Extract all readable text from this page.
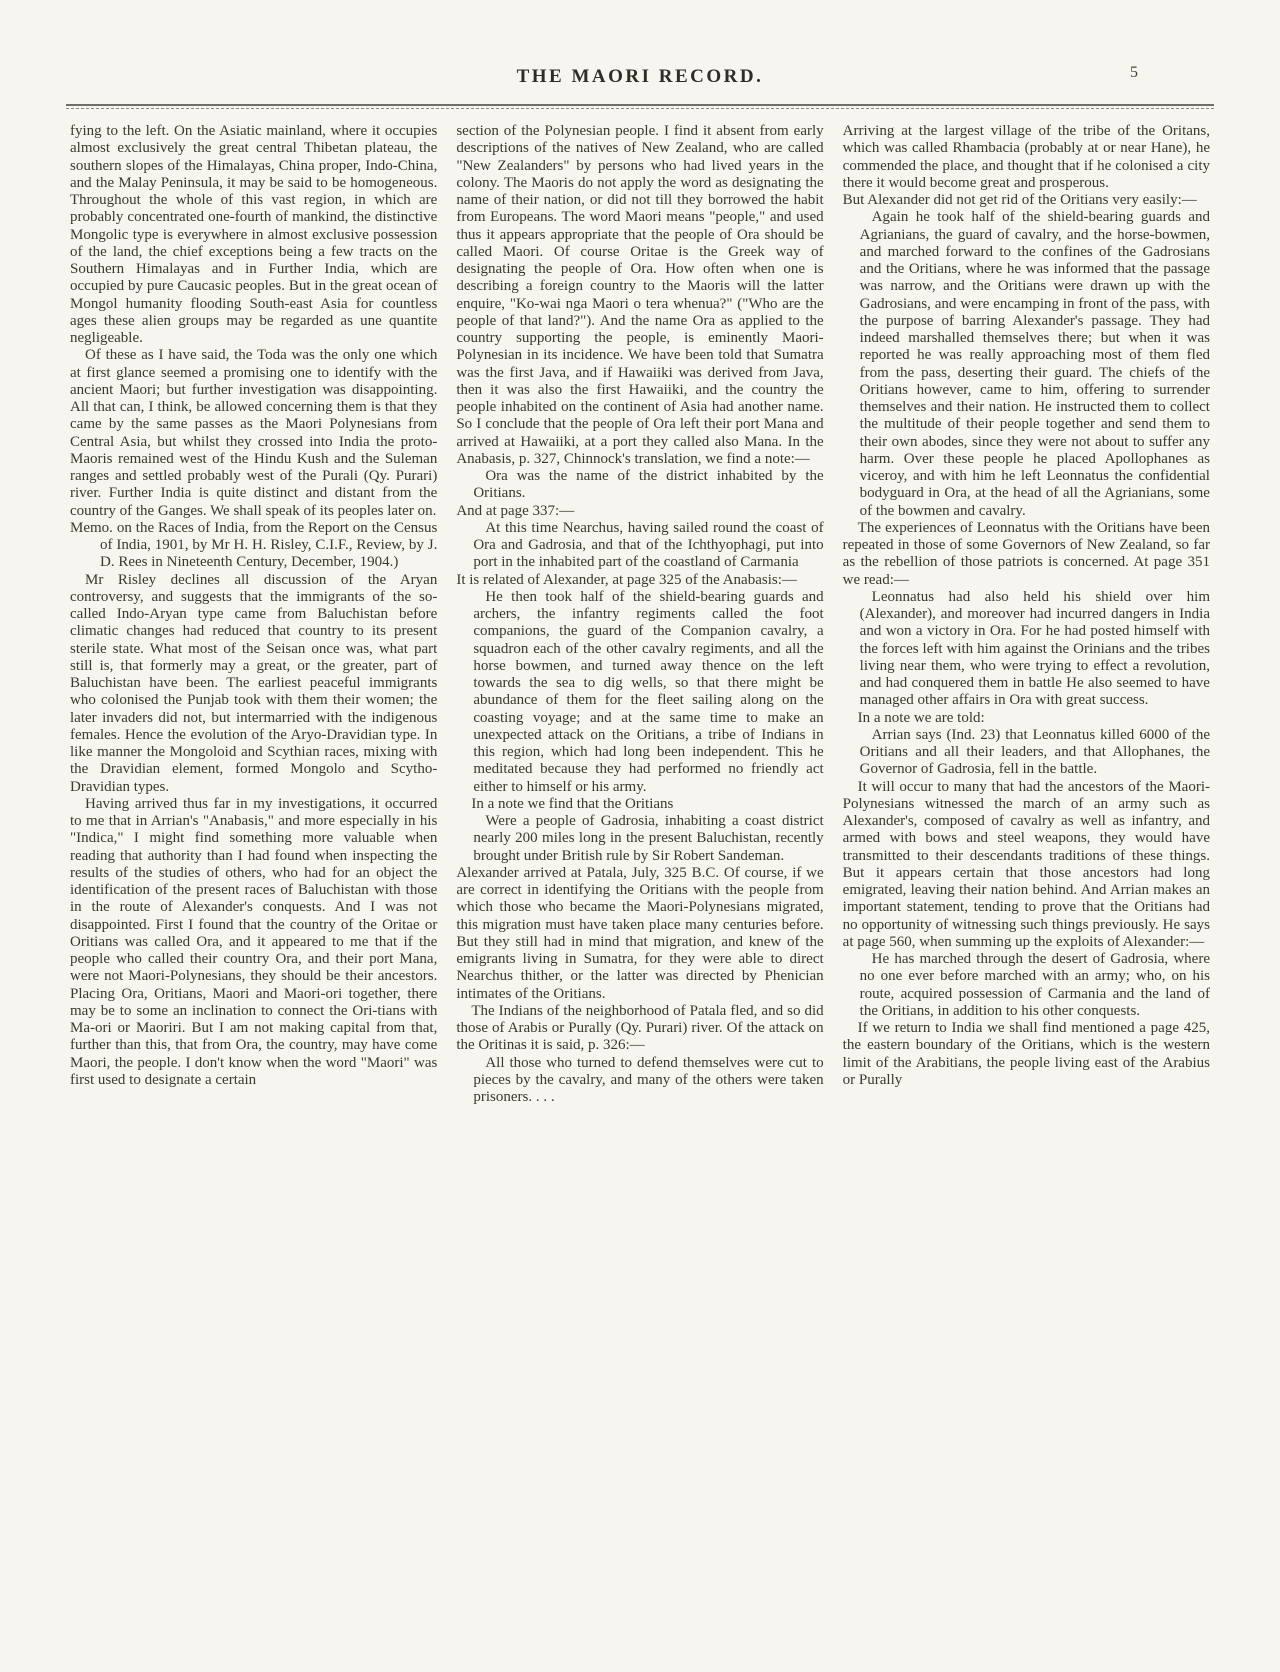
THE MAORI RECORD.	5

fying to the left. On the Asiatic mainland, where it occupies almost exclusively the great central Thibetan plateau, the southern slopes of the Himalayas, China proper, Indo-China, and the Malay Peninsula, it may be said to be homogeneous. Throughout the whole of this vast region, in which are probably concentrated one-fourth of mankind, the distinctive Mongolic type is everywhere in almost exclusive possession of the land, the chief exceptions being a few tracts on the Southern Himalayas and in Further India, which are occupied by pure Caucasic peoples. But in the great ocean of Mongol humanity flooding South-east Asia for countless ages these alien groups may be regarded as une quantite negligeable.

Of these as I have said, the Toda was the only one which at first glance seemed a promising one to identify with the ancient Maori; but further investigation was disappointing. All that can, I think, be allowed concerning them is that they came by the same passes as the Maori Polynesians from Central Asia, but whilst they crossed into India the proto-Maoris remained west of the Hindu Kush and the Suleman ranges and settled probably west of the Purali (Qy. Purari) river. Further India is quite distinct and distant from the country of the Ganges. We shall speak of its peoples later on.

Memo. on the Races of India, from the Report on the Census of India, 1901, by Mr H. H. Risley, C.I.F., Review, by J. D. Rees in Nineteenth Century, December, 1904.)

Mr Risley declines all discussion of the Aryan controversy, and suggests that the immigrants of the so-called Indo-Aryan type came from Baluchistan before climatic changes had reduced that country to its present sterile state. What most of the Seisan once was, what part still is, that formerly may a great, or the greater, part of Baluchistan have been. The earliest peaceful immigrants who colonised the Punjab took with them their women; the later invaders did not, but intermarried with the indigenous females. Hence the evolution of the Aryo-Dravidian type. In like manner the Mongoloid and Scythian races, mixing with the Dravidian element, formed Mongolo and Scytho-Dravidian types.

Having arrived thus far in my investigations, it occurred to me that in Arrian's "Anabasis," and more especially in his "Indica," I might find something more valuable when reading that authority than I had found when inspecting the results of the studies of others, who had for an object the identification of the present races of Baluchistan with those in the route of Alexander's conquests. And I was not disappointed. First I found that the country of the Oritae or Oritians was called Ora, and it appeared to me that if the people who called their country Ora, and their port Mana, were not Maori-Polynesians, they should be their ancestors. Placing Ora, Oritians, Maori and Maori-ori together, there may be to some an inclination to connect the Ori-tians with Ma-ori or Maoriri. But I am not making capital from that, further than this, that from Ora, the country, may have come Maori, the people. I don't know when the word "Maori" was first used to designate a certain

section of the Polynesian people. I find it absent from early descriptions of the natives of New Zealand, who are called "New Zealanders" by persons who had lived years in the colony. The Maoris do not apply the word as designating the name of their nation, or did not till they borrowed the habit from Europeans. The word Maori means "people," and used thus it appears appropriate that the people of Ora should be called Maori. Of course Oritae is the Greek way of designating the people of Ora. How often when one is describing a foreign country to the Maoris will the latter enquire, "Ko-wai nga Maori o tera whenua?" ("Who are the people of that land?"). And the name Ora as applied to the country supporting the people, is eminently Maori-Polynesian in its incidence. We have been told that Sumatra was the first Java, and if Hawaiiki was derived from Java, then it was also the first Hawaiiki, and the country the people inhabited on the continent of Asia had another name. So I conclude that the people of Ora left their port Mana and arrived at Hawaiiki, at a port they called also Mana. In the Anabasis, p. 327, Chinnock's translation, we find a note:—

Ora was the name of the district inhabited by the Oritians.

And at page 337:—

At this time Nearchus, having sailed round the coast of Ora and Gadrosia, and that of the Ichthyophagi, put into port in the inhabited part of the coastland of Carmania

It is related of Alexander, at page 325 of the Anabasis:—

He then took half of the shield-bearing guards and archers, the infantry regiments called the foot companions, the guard of the Companion cavalry, a squadron each of the other cavalry regiments, and all the horse bowmen, and turned away thence on the left towards the sea to dig wells, so that there might be abundance of them for the fleet sailing along on the coasting voyage; and at the same time to make an unexpected attack on the Oritians, a tribe of Indians in this region, which had long been independent. This he meditated because they had performed no friendly act either to himself or his army.

In a note we find that the Oritians

Were a people of Gadrosia, inhabiting a coast district nearly 200 miles long in the present Baluchistan, recently brought under British rule by Sir Robert Sandeman.

Alexander arrived at Patala, July, 325 B.C. Of course, if we are correct in identifying the Oritians with the people from which those who became the Maori-Polynesians migrated, this migration must have taken place many centuries before. But they still had in mind that migration, and knew of the emigrants living in Sumatra, for they were able to direct Nearchus thither, or the latter was directed by Phenician intimates of the Oritians.

The Indians of the neighborhood of Patala fled, and so did those of Arabis or Purally (Qy. Purari) river. Of the attack on the Oritinas it is said, p. 326:—

All those who turned to defend themselves were cut to pieces by the cavalry, and many of the others were taken prisoners. . . .

Arriving at the largest village of the tribe of the Oritans, which was called Rhambacia (probably at or near Hane), he commended the place, and thought that if he colonised a city there it would become great and prosperous.

But Alexander did not get rid of the Oritians very easily:—

Again he took half of the shield-bearing guards and Agrianians, the guard of cavalry, and the horse-bowmen, and marched forward to the confines of the Gadrosians and the Oritians, where he was informed that the passage was narrow, and the Oritians were drawn up with the Gadrosians, and were encamping in front of the pass, with the purpose of barring Alexander's passage. They had indeed marshalled themselves there; but when it was reported he was really approaching most of them fled from the pass, deserting their guard. The chiefs of the Oritians however, came to him, offering to surrender themselves and their nation. He instructed them to collect the multitude of their people together and send them to their own abodes, since they were not about to suffer any harm. Over these people he placed Apollophanes as viceroy, and with him he left Leonnatus the confidential bodyguard in Ora, at the head of all the Agrianians, some of the bowmen and cavalry.

The experiences of Leonnatus with the Oritians have been repeated in those of some Governors of New Zealand, so far as the rebellion of those patriots is concerned. At page 351 we read:—

Leonnatus had also held his shield over him (Alexander), and moreover had incurred dangers in India and won a victory in Ora. For he had posted himself with the forces left with him against the Orinians and the tribes living near them, who were trying to effect a revolution, and had conquered them in battle He also seemed to have managed other affairs in Ora with great success.

In a note we are told:

Arrian says (Ind. 23) that Leonnatus killed 6000 of the Oritians and all their leaders, and that Allophanes, the Governor of Gadrosia, fell in the battle.

It will occur to many that had the ancestors of the Maori-Polynesians witnessed the march of an army such as Alexander's, composed of cavalry as well as infantry, and armed with bows and steel weapons, they would have transmitted to their descendants traditions of these things. But it appears certain that those ancestors had long emigrated, leaving their nation behind. And Arrian makes an important statement, tending to prove that the Oritians had no opportunity of witnessing such things previously. He says at page 560, when summing up the exploits of Alexander:—

He has marched through the desert of Gadrosia, where no one ever before marched with an army; who, on his route, acquired possession of Carmania and the land of the Oritians, in addition to his other conquests.

If we return to India we shall find mentioned a page 425, the eastern boundary of the Oritians, which is the western limit of the Arabitians, the people living east of the Arabius or Purally
